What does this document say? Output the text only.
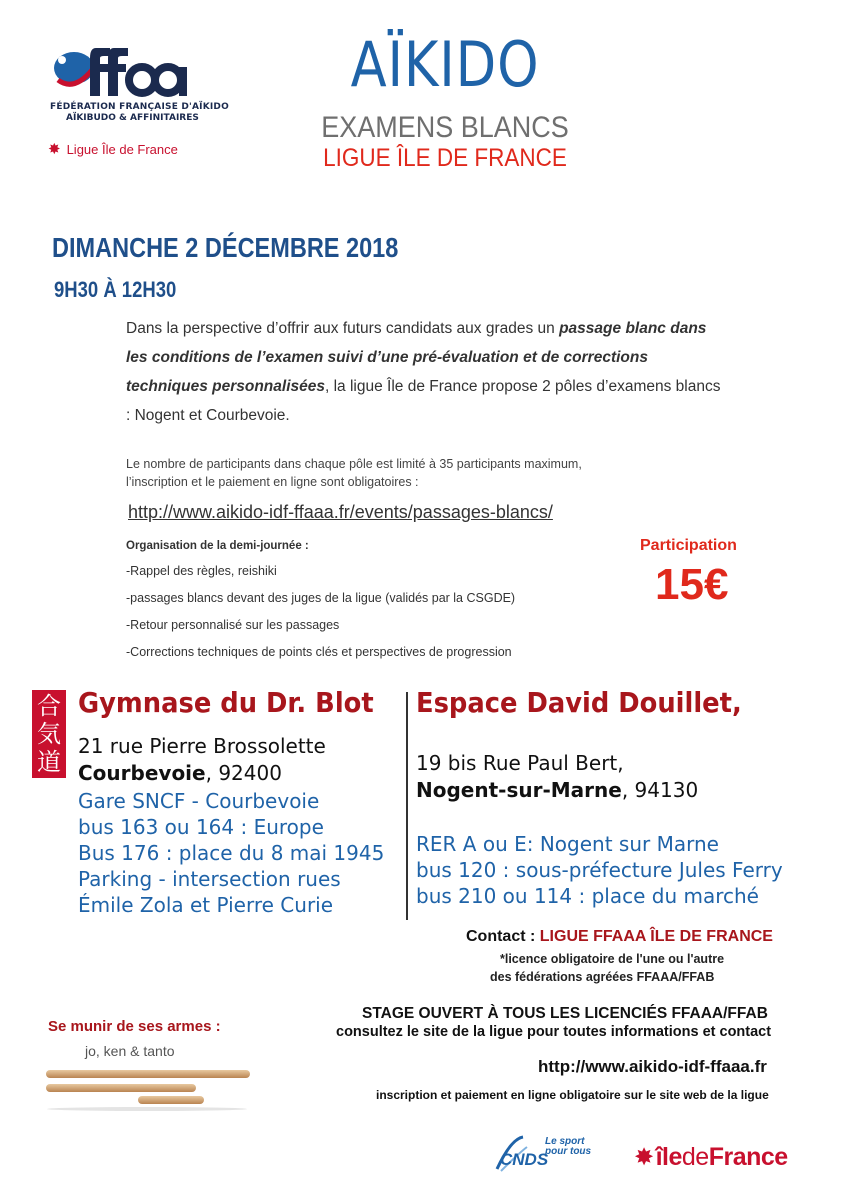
FÉDÉRATION FRANÇAISE D'AÏKIDO
AÏKIBUDO & AFFINITAIRES
✸ Ligue Île de France
AÏKIDO
EXAMENS BLANCS
LIGUE ÎLE DE FRANCE
DIMANCHE 2 DÉCEMBRE 2018
9H30 À 12H30
Dans la perspective d’offrir aux futurs candidats aux grades un passage blanc dans les conditions de l’examen suivi d’une pré-évaluation et de corrections techniques personnalisées, la ligue Île de France propose 2 pôles d’examens blancs : Nogent et Courbevoie.
Le nombre de participants dans chaque pôle est limité à 35 participants maximum,
l’inscription et le paiement en ligne sont obligatoires :
http://www.aikido-idf-ffaaa.fr/events/passages-blancs/
Organisation de la demi-journée :
-Rappel des règles, reishiki
-passages blancs devant des juges de la ligue (validés par la CSGDE)
-Retour personnalisé sur les passages
-Corrections techniques de points clés et perspectives de progression
Participation
15€
合
気
道
Gymnase du Dr. Blot
21 rue Pierre Brossolette
Courbevoie, 92400
Gare SNCF - Courbevoie
bus 163 ou 164 : Europe
Bus 176 : place du 8 mai 1945
Parking - intersection rues
Émile Zola et Pierre Curie
Espace David Douillet,
19 bis Rue Paul Bert,
Nogent-sur-Marne, 94130
RER A ou E: Nogent sur Marne
bus 120 : sous-préfecture Jules Ferry
bus 210 ou 114 : place du marché
Contact : LIGUE FFAAA ÎLE DE FRANCE
*licence obligatoire de l'une ou l'autre
des fédérations agréées FFAAA/FFAB
STAGE OUVERT À TOUS LES LICENCIÉS FFAAA/FFAB
consultez le site de la ligue pour toutes informations et contact
http://www.aikido-idf-ffaaa.fr
inscription et paiement en ligne obligatoire sur le site web de la ligue
Se munir de ses armes :
jo, ken & tanto
Le sport
pour tous
CNDS	✸îledeFrance
